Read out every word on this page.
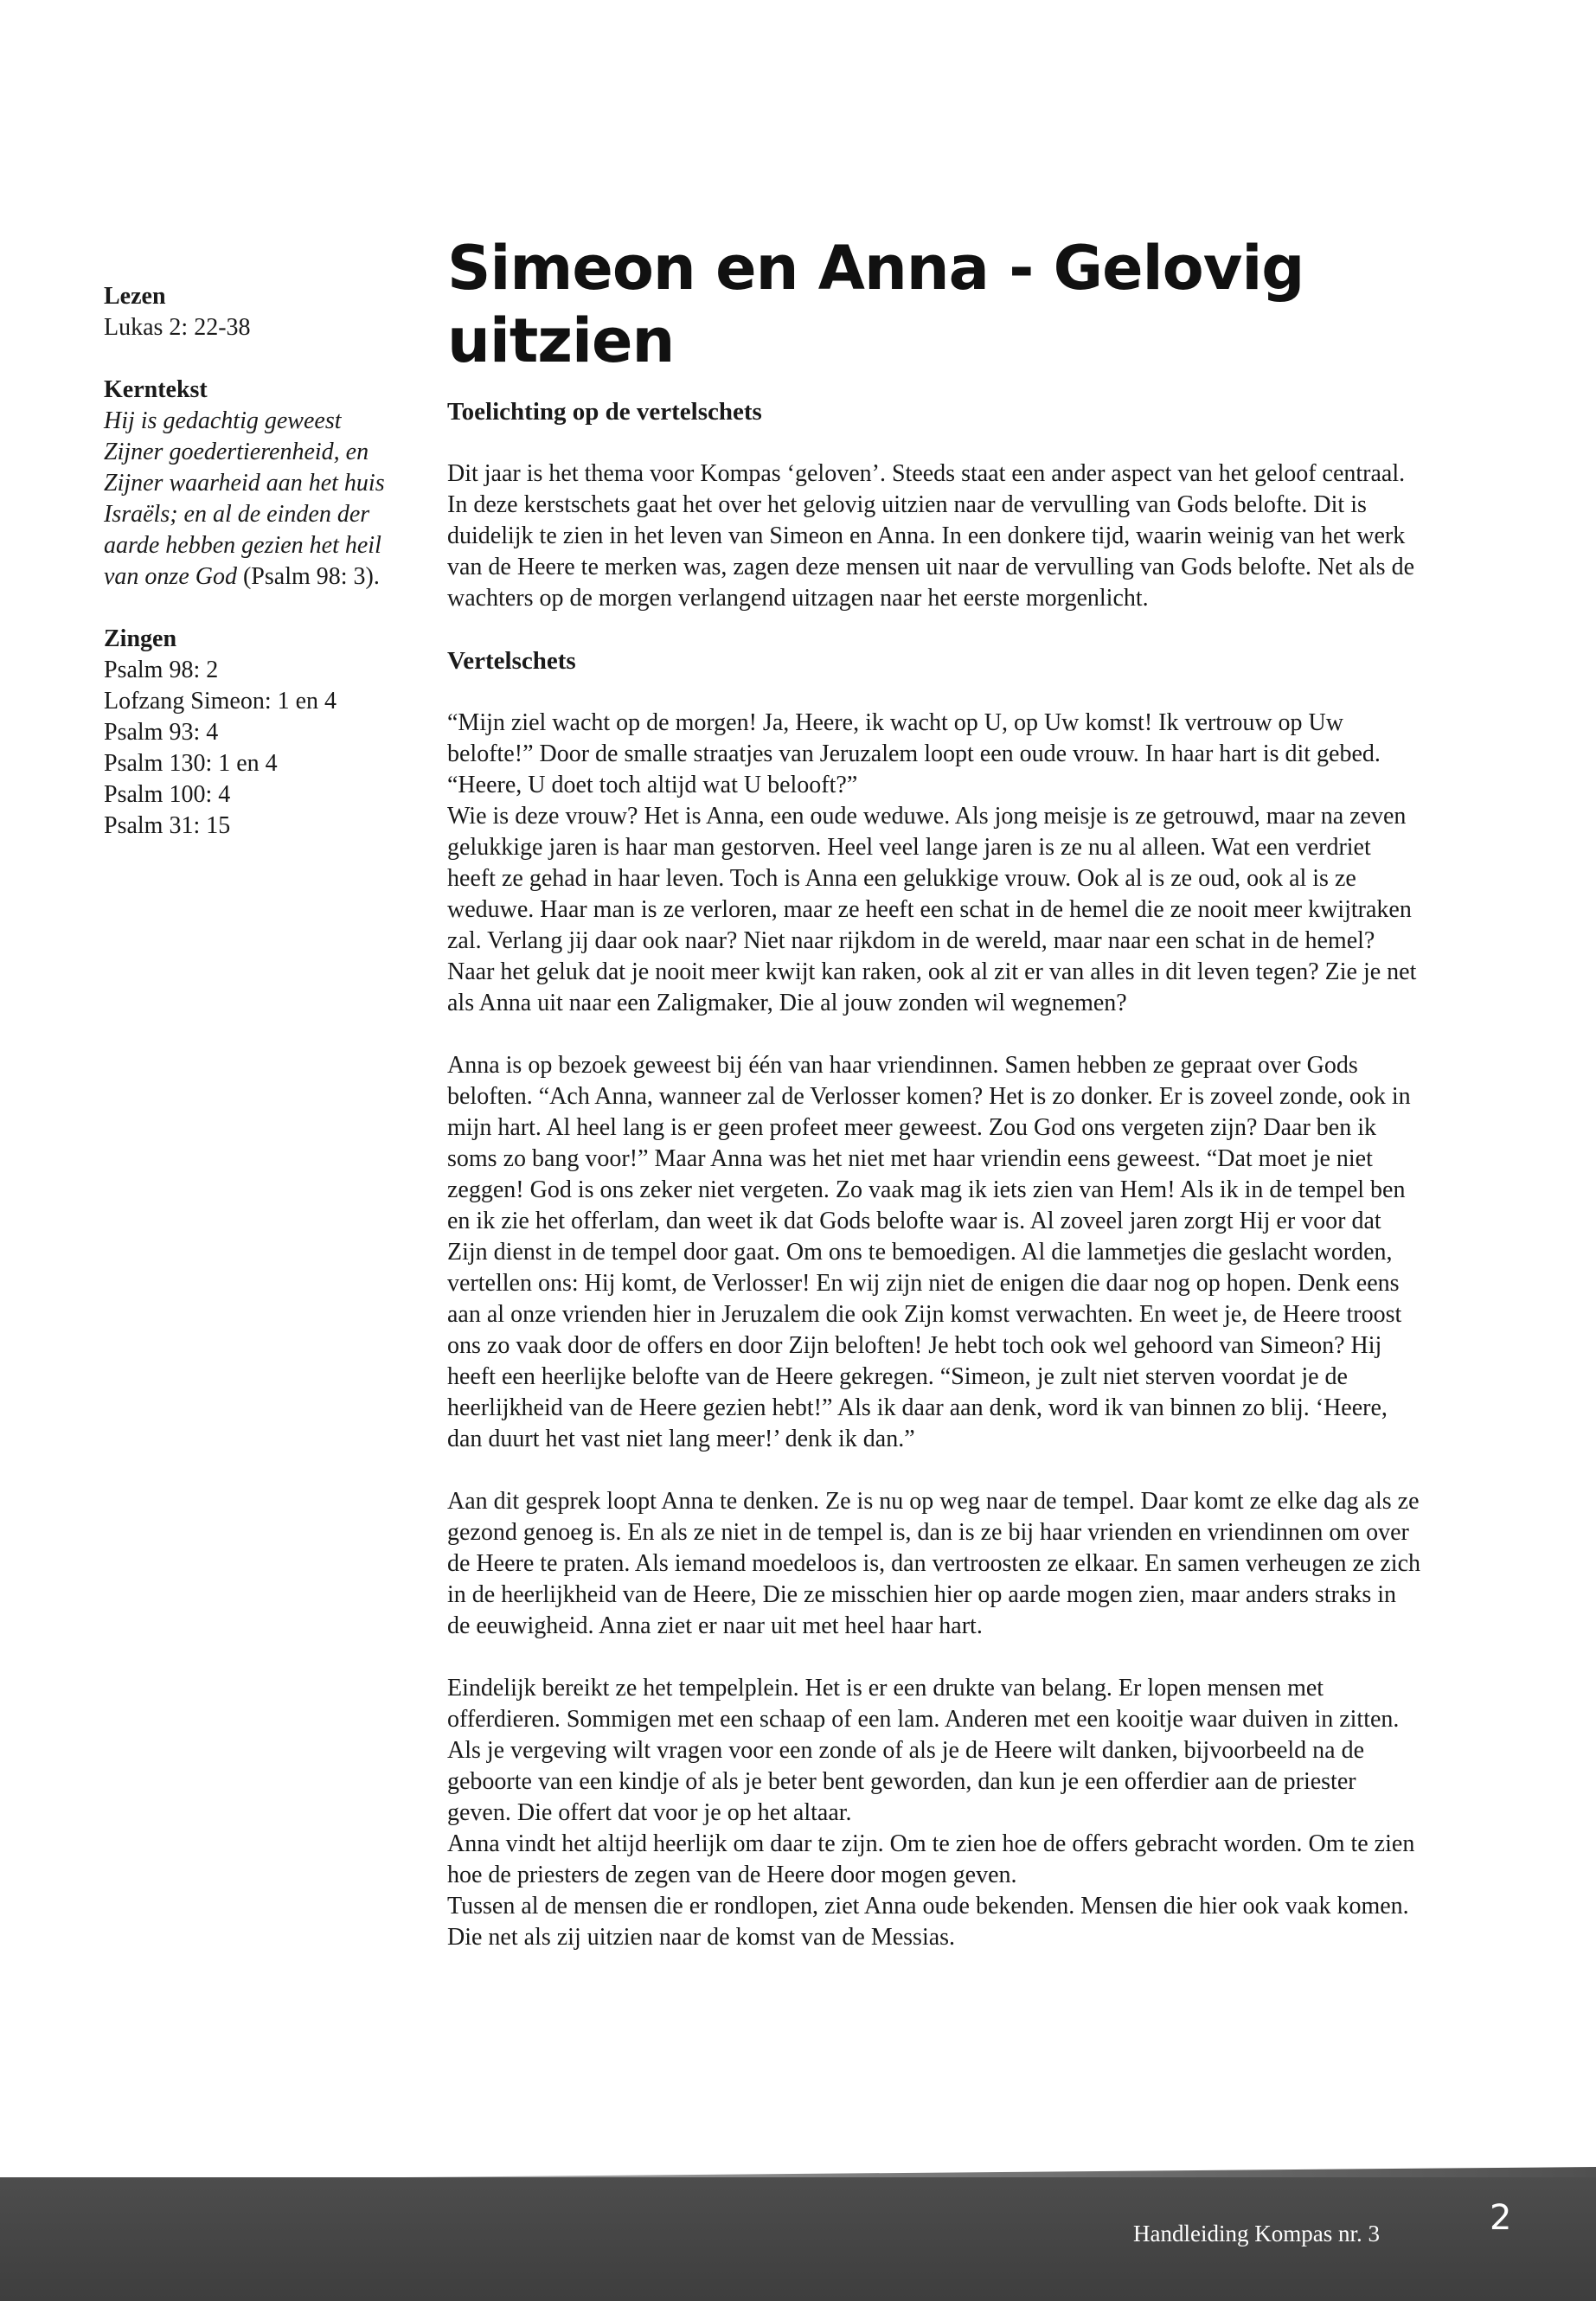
Lezen

Lukas 2: 22-38

Kerntekst

Hij is gedachtig geweest Zijner goedertierenheid, en Zijner waarheid aan het huis Israëls; en al de einden der aarde hebben gezien het heil van onze God (Psalm 98: 3).

Zingen

Psalm 98: 2
Lofzang Simeon: 1 en 4
Psalm 93: 4
Psalm 130: 1 en 4
Psalm 100: 4
Psalm 31: 15
Simeon en Anna - Gelovig uitzien

Toelichting op de vertelschets

Dit jaar is het thema voor Kompas ‘geloven’. Steeds staat een ander aspect van het geloof centraal. In deze kerstschets gaat het over het gelovig uitzien naar de vervulling van Gods belofte. Dit is duidelijk te zien in het leven van Simeon en Anna. In een donkere tijd, waarin weinig van het werk van de Heere te merken was, zagen deze mensen uit naar de vervulling van Gods belofte. Net als de wachters op de morgen verlangend uitzagen naar het eerste morgenlicht.

Vertelschets

“Mijn ziel wacht op de morgen! Ja, Heere, ik wacht op U, op Uw komst! Ik vertrouw op Uw belofte!” Door de smalle straatjes van Jeruzalem loopt een oude vrouw. In haar hart is dit gebed. “Heere, U doet toch altijd wat U belooft?”

Wie is deze vrouw? Het is Anna, een oude weduwe. Als jong meisje is ze getrouwd, maar na zeven gelukkige jaren is haar man gestorven. Heel veel lange jaren is ze nu al alleen. Wat een verdriet heeft ze gehad in haar leven. Toch is Anna een gelukkige vrouw. Ook al is ze oud, ook al is ze weduwe. Haar man is ze verloren, maar ze heeft een schat in de hemel die ze nooit meer kwijtraken zal. Verlang jij daar ook naar? Niet naar rijkdom in de wereld, maar naar een schat in de hemel? Naar het geluk dat je nooit meer kwijt kan raken, ook al zit er van alles in dit leven tegen? Zie je net als Anna uit naar een Zaligmaker, Die al jouw zonden wil wegnemen?

Anna is op bezoek geweest bij één van haar vriendinnen. Samen hebben ze gepraat over Gods beloften. “Ach Anna, wanneer zal de Verlosser komen? Het is zo donker. Er is zoveel zonde, ook in mijn hart. Al heel lang is er geen profeet meer geweest. Zou God ons vergeten zijn? Daar ben ik soms zo bang voor!” Maar Anna was het niet met haar vriendin eens geweest. “Dat moet je niet zeggen! God is ons zeker niet vergeten. Zo vaak mag ik iets zien van Hem! Als ik in de tempel ben en ik zie het offerlam, dan weet ik dat Gods belofte waar is. Al zoveel jaren zorgt Hij er voor dat Zijn dienst in de tempel door gaat. Om ons te bemoedigen. Al die lammetjes die geslacht worden, vertellen ons: Hij komt, de Verlosser! En wij zijn niet de enigen die daar nog op hopen. Denk eens aan al onze vrienden hier in Jeruzalem die ook Zijn komst verwachten. En weet je, de Heere troost ons zo vaak door de offers en door Zijn beloften! Je hebt toch ook wel gehoord van Simeon? Hij heeft een heerlijke belofte van de Heere gekregen. “Simeon, je zult niet sterven voordat je de heerlijkheid van de Heere gezien hebt!” Als ik daar aan denk, word ik van binnen zo blij. ‘Heere, dan duurt het vast niet lang meer!’ denk ik dan.”

Aan dit gesprek loopt Anna te denken. Ze is nu op weg naar de tempel. Daar komt ze elke dag als ze gezond genoeg is. En als ze niet in de tempel is, dan is ze bij haar vrienden en vriendinnen om over de Heere te praten. Als iemand moedeloos is, dan vertroosten ze elkaar. En samen verheugen ze zich in de heerlijkheid van de Heere, Die ze misschien hier op aarde mogen zien, maar anders straks in de eeuwigheid. Anna ziet er naar uit met heel haar hart.

Eindelijk bereikt ze het tempelplein. Het is er een drukte van belang. Er lopen mensen met offerdieren. Sommigen met een schaap of een lam. Anderen met een kooitje waar duiven in zitten. Als je vergeving wilt vragen voor een zonde of als je de Heere wilt danken, bijvoorbeeld na de geboorte van een kindje of als je beter bent geworden, dan kun je een offerdier aan de priester geven. Die offert dat voor je op het altaar.

Anna vindt het altijd heerlijk om daar te zijn. Om te zien hoe de offers gebracht worden. Om te zien hoe de priesters de zegen van de Heere door mogen geven.

Tussen al de mensen die er rondlopen, ziet Anna oude bekenden. Mensen die hier ook vaak komen. Die net als zij uitzien naar de komst van de Messias.

Handleiding Kompas nr. 3	2
